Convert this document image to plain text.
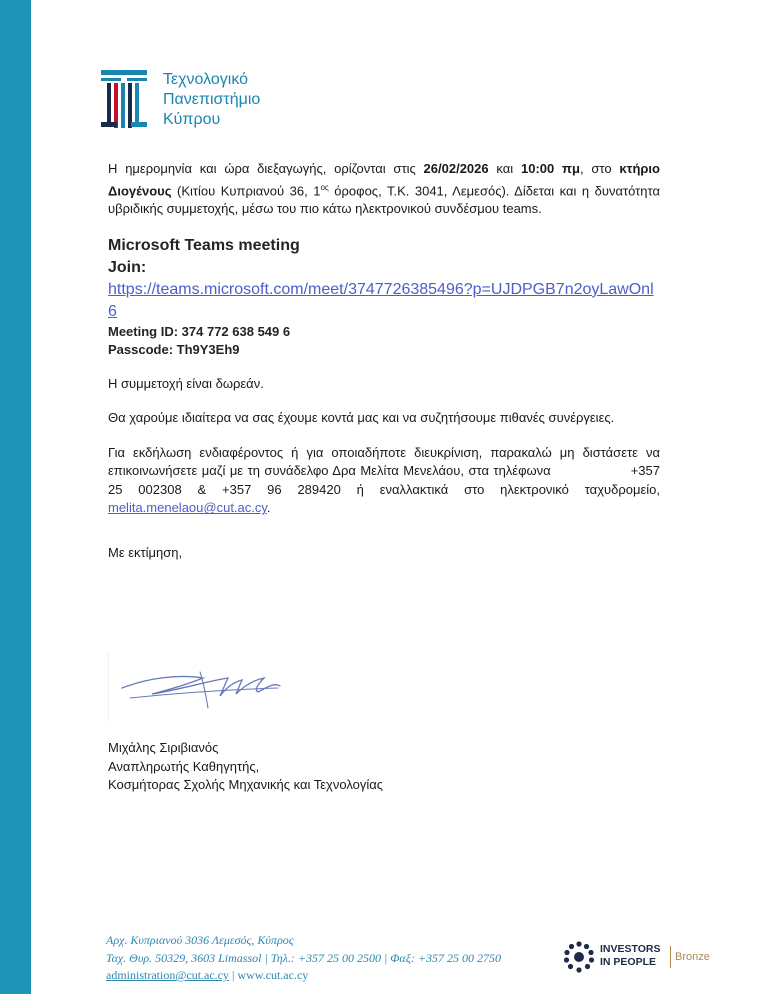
Τεχνολογικό
Πανεπιστήμιο
Κύπρου

Η ημερομηνία και ώρα διεξαγωγής, ορίζονται στις 26/02/2026 και 10:00 πμ, στο κτήριο Διογένους (Κιτίου Κυπριανού 36, $1^{o\varsigma}$ όροφος, Τ.Κ. 3041, Λεμεσός). Δίδεται και η δυνατότητα υβριδικής συμμετοχής, μέσω του πιο κάτω ηλεκτρονικού συνδέσμου teams.

Microsoft Teams meeting
Join:
https://teams.microsoft.com/meet/3747726385496?p=UJDPGB7n2oyLawOnl6
Meeting ID: 374 772 638 549 6
Passcode: Th9Y3Eh9

Η συμμετοχή είναι δωρεάν.

Θα χαρούμε ιδιαίτερα να σας έχουμε κοντά μας και να συζητήσουμε πιθανές συνέργειες.

Για εκδήλωση ενδιαφέροντος ή για οποιαδήποτε διευκρίνιση, παρακαλώ μη διστάσετε να επικοινωνήσετε μαζί με τη συνάδελφο Δρα Μελίτα Μενελάου, στα τηλέφωνα	+357 25 002308 & +357 96 289420 ή εναλλακτικά στο ηλεκτρονικό ταχυδρομείο, melita.menelaou@cut.ac.cy.

Με εκτίμηση,

Μιχάλης Σιριβιανός
Αναπληρωτής Καθηγητής,
Κοσμήτορας Σχολής Μηχανικής και Τεχνολογίας
Αρχ. Κυπριανού 3036 Λεμεσός, Κύπρος
Ταχ. Θυρ. 50329, 3603 Limassol | Τηλ.: +357 25 00 2500 | Φαξ: +357 25 00 2750
administration@cut.ac.cy | www.cut.ac.cy
INVESTORS
IN PEOPLE	Bronze
